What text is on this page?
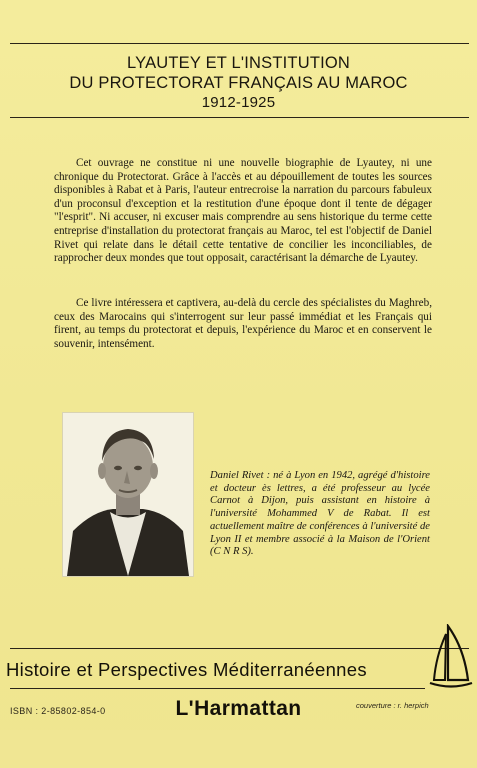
LYAUTEY ET L'INSTITUTION
DU PROTECTORAT FRANÇAIS AU MAROC
1912-1925

Cet ouvrage ne constitue ni une nouvelle biographie de Lyautey, ni une chronique du Protectorat. Grâce à l'accès et au dépouillement de toutes les sources disponibles à Rabat et à Paris, l'auteur entrecroise la narration du parcours fabuleux d'un proconsul d'exception et la restitution d'une époque dont il tente de dégager "l'esprit". Ni accuser, ni excuser mais comprendre au sens historique du terme cette entreprise d'installation du protectorat français au Maroc, tel est l'objectif de Daniel Rivet qui relate dans le détail cette tentative de concilier les inconciliables, de rapprocher deux mondes que tout opposait, caractérisant la démarche de Lyautey.

Ce livre intéressera et captivera, au-delà du cercle des spécialistes du Maghreb, ceux des Marocains qui s'interrogent sur leur passé immédiat et les Français qui firent, au temps du protectorat et depuis, l'expérience du Maroc et en conservent le souvenir, intensément.

Daniel Rivet : né à Lyon en 1942, agrégé d'histoire et docteur ès lettres, a été professeur au lycée Carnot à Dijon, puis assistant en histoire à l'université Mohammed V de Rabat. Il est actuellement maître de conférences à l'université de Lyon II et membre associé à la Maison de l'Orient (C N R S).

Histoire et Perspectives Méditerranéennes
ISBN : 2-85802-854-0	L'Harmattan	couverture : r. herpich
